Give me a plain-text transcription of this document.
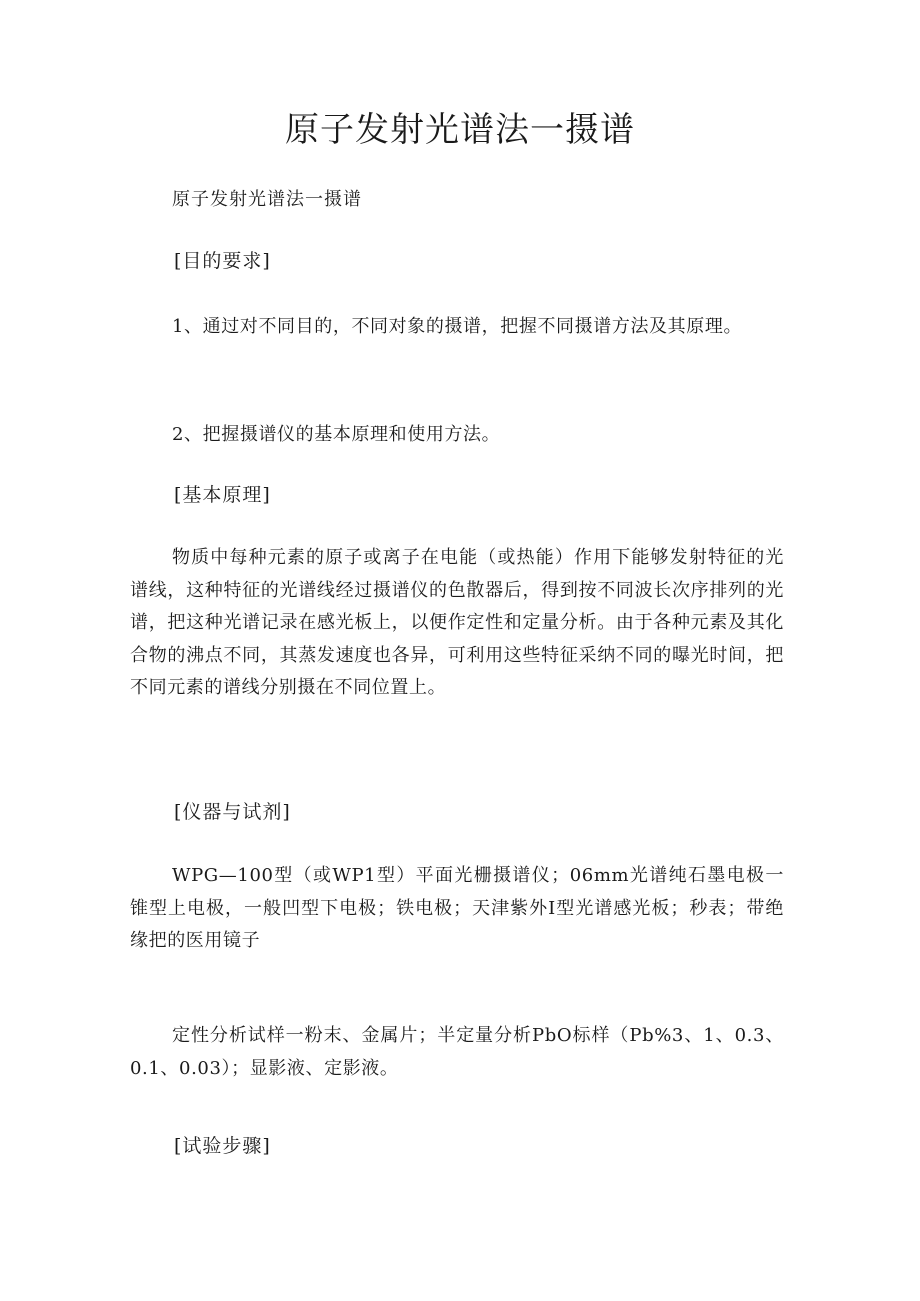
原子发射光谱法一摄谱

原子发射光谱法一摄谱

[目的要求]

1、通过对不同目的，不同对象的摄谱，把握不同摄谱方法及其原理。

2、把握摄谱仪的基本原理和使用方法。

[基本原理]

物质中每种元素的原子或离子在电能（或热能）作用下能够发射特征的光谱线，这种特征的光谱线经过摄谱仪的色散器后，得到按不同波长次序排列的光谱，把这种光谱记录在感光板上，以便作定性和定量分析。由于各种元素及其化合物的沸点不同，其蒸发速度也各异，可利用这些特征采纳不同的曝光时间，把不同元素的谱线分别摄在不同位置上。

[仪器与试剂]

WPG—100型（或WP1型）平面光栅摄谱仪；06mm光谱纯石墨电极一锥型上电极，一般凹型下电极；铁电极；天津紫外I型光谱感光板；秒表；带绝缘把的医用镜子

定性分析试样一粉末、金属片；半定量分析PbO标样（Pb%3、1、0.3、0.1、0.03）；显影液、定影液。

[试验步骤]
